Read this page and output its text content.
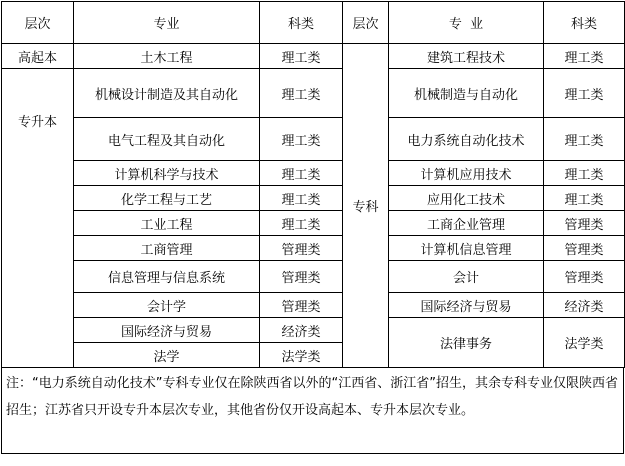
层次	专业	科类	层次	专  业	科类
高起本	土木工程	理工类	专科	建筑工程技术	理工类
专升本	机械设计制造及其自动化	理工类		机械制造与自动化	理工类
	电气工程及其自动化	理工类		电力系统自动化技术	理工类
	计算机科学与技术	理工类		计算机应用技术	理工类
	化学工程与工艺	理工类		应用化工技术	理工类
	工业工程	理工类		工商企业管理	管理类
	工商管理	管理类		计算机信息管理	管理类
	信息管理与信息系统	管理类		会计	管理类
	会计学	管理类		国际经济与贸易	经济类
	国际经济与贸易	经济类		法律事务	法学类
	法学	法学类			
注：“电力系统自动化技术”专科专业仅在除陕西省以外的“江西省、浙江省”招生，其余专科专业仅限陕西省招生；江苏省只开设专升本层次专业，其他省份仅开设高起本、专升本层次专业。
